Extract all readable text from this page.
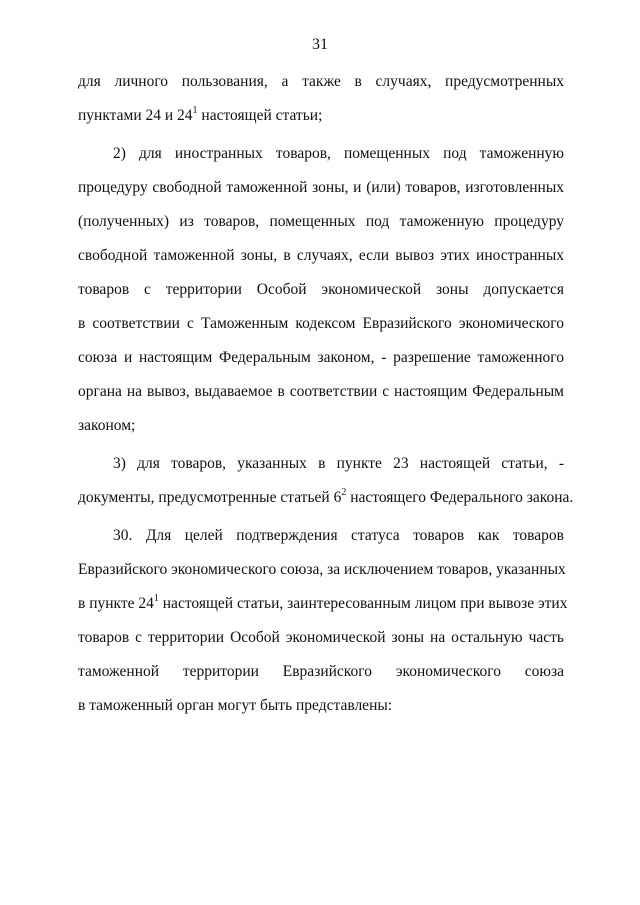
31
для личного пользования, а также в случаях, предусмотренных
пунктами 24 и $24^1$ настоящей статьи;
2) для иностранных товаров, помещенных под таможенную
процедуру свободной таможенной зоны, и (или) товаров, изготовленных
(полученных) из товаров, помещенных под таможенную процедуру
свободной таможенной зоны, в случаях, если вывоз этих иностранных
товаров с территории Особой экономической зоны допускается
в соответствии с Таможенным кодексом Евразийского экономического
союза и настоящим Федеральным законом, - разрешение таможенного
органа на вывоз, выдаваемое в соответствии с настоящим Федеральным
законом;
3) для товаров, указанных в пункте 23 настоящей статьи, -
документы, предусмотренные статьей $6^2$ настоящего Федерального закона.
30. Для целей подтверждения статуса товаров как товаров
Евразийского экономического союза, за исключением товаров, указанных
в пункте $24^1$ настоящей статьи, заинтересованным лицом при вывозе этих
товаров с территории Особой экономической зоны на остальную часть
таможенной территории Евразийского экономического союза
в таможенный орган могут быть представлены:
